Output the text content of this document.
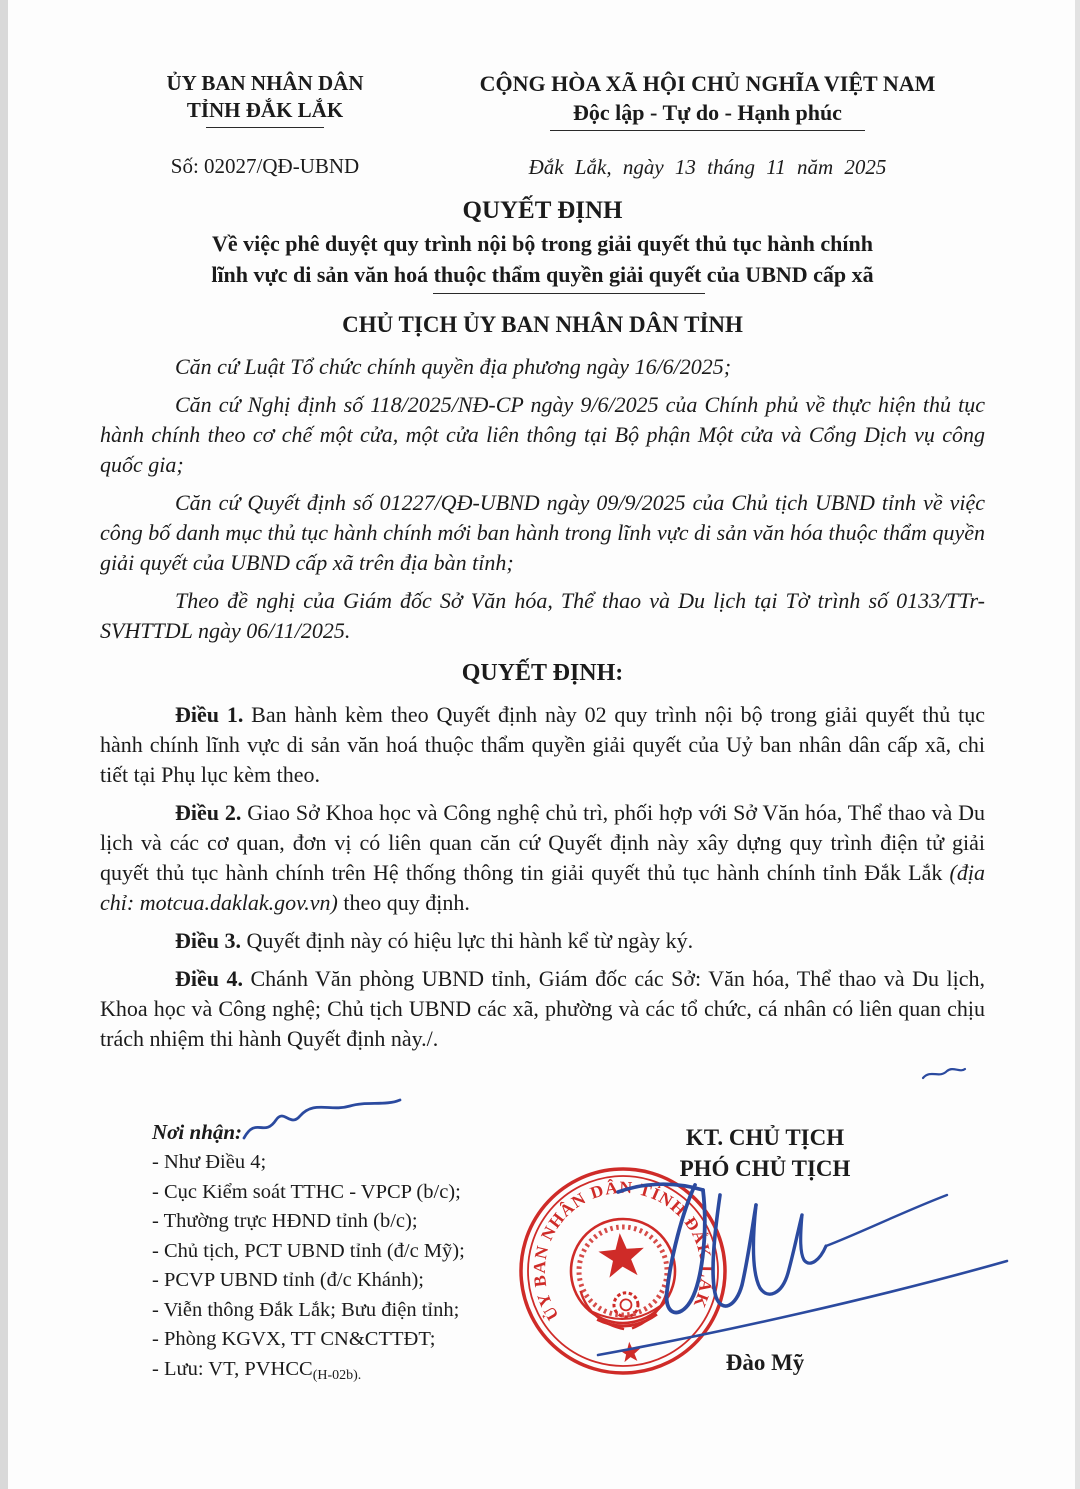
ỦY BAN NHÂN DÂN
TỈNH ĐẮK LẮK
Số: 02027/QĐ-UBND
CỘNG HÒA XÃ HỘI CHỦ NGHĨA VIỆT NAM
Độc lập - Tự do - Hạnh phúc
Đắk Lắk, ngày 13 tháng 11 năm 2025
QUYẾT ĐỊNH
Về việc phê duyệt quy trình nội bộ trong giải quyết thủ tục hành chính
lĩnh vực di sản văn hoá thuộc thẩm quyền giải quyết của UBND cấp xã
CHỦ TỊCH ỦY BAN NHÂN DÂN TỈNH

Căn cứ Luật Tổ chức chính quyền địa phương ngày 16/6/2025;

Căn cứ Nghị định số 118/2025/NĐ-CP ngày 9/6/2025 của Chính phủ về thực hiện thủ tục hành chính theo cơ chế một cửa, một cửa liên thông tại Bộ phận Một cửa và Cổng Dịch vụ công quốc gia;

Căn cứ Quyết định số 01227/QĐ-UBND ngày 09/9/2025 của Chủ tịch UBND tỉnh về việc công bố danh mục thủ tục hành chính mới ban hành trong lĩnh vực di sản văn hóa thuộc thẩm quyền giải quyết của UBND cấp xã trên địa bàn tỉnh;

Theo đề nghị của Giám đốc Sở Văn hóa, Thể thao và Du lịch tại Tờ trình số 0133/TTr-SVHTTDL ngày 06/11/2025.

QUYẾT ĐỊNH:

Điều 1. Ban hành kèm theo Quyết định này 02 quy trình nội bộ trong giải quyết thủ tục hành chính lĩnh vực di sản văn hoá thuộc thẩm quyền giải quyết của Uỷ ban nhân dân cấp xã, chi tiết tại Phụ lục kèm theo.

Điều 2. Giao Sở Khoa học và Công nghệ chủ trì, phối hợp với Sở Văn hóa, Thể thao và Du lịch và các cơ quan, đơn vị có liên quan căn cứ Quyết định này xây dựng quy trình điện tử giải quyết thủ tục hành chính trên Hệ thống thông tin giải quyết thủ tục hành chính tỉnh Đắk Lắk (địa chỉ: motcua.daklak.gov.vn) theo quy định.

Điều 3. Quyết định này có hiệu lực thi hành kể từ ngày ký.

Điều 4. Chánh Văn phòng UBND tỉnh, Giám đốc các Sở: Văn hóa, Thể thao và Du lịch, Khoa học và Công nghệ; Chủ tịch UBND các xã, phường và các tổ chức, cá nhân có liên quan chịu trách nhiệm thi hành Quyết định này./.

Nơi nhận:
- Như Điều 4;
- Cục Kiểm soát TTHC - VPCP (b/c);
- Thường trực HĐND tỉnh (b/c);
- Chủ tịch, PCT UBND tỉnh (đ/c Mỹ);
- PCVP UBND tỉnh (đ/c Khánh);
- Viễn thông Đắk Lắk; Bưu điện tỉnh;
- Phòng KGVX, TT CN&CTTĐT;
- Lưu: VT, PVHCC(H-02b).
KT. CHỦ TỊCH
PHÓ CHỦ TỊCH
ỦY BAN NHÂN DÂN TỈNH ĐẮK LẮK
Đào Mỹ
